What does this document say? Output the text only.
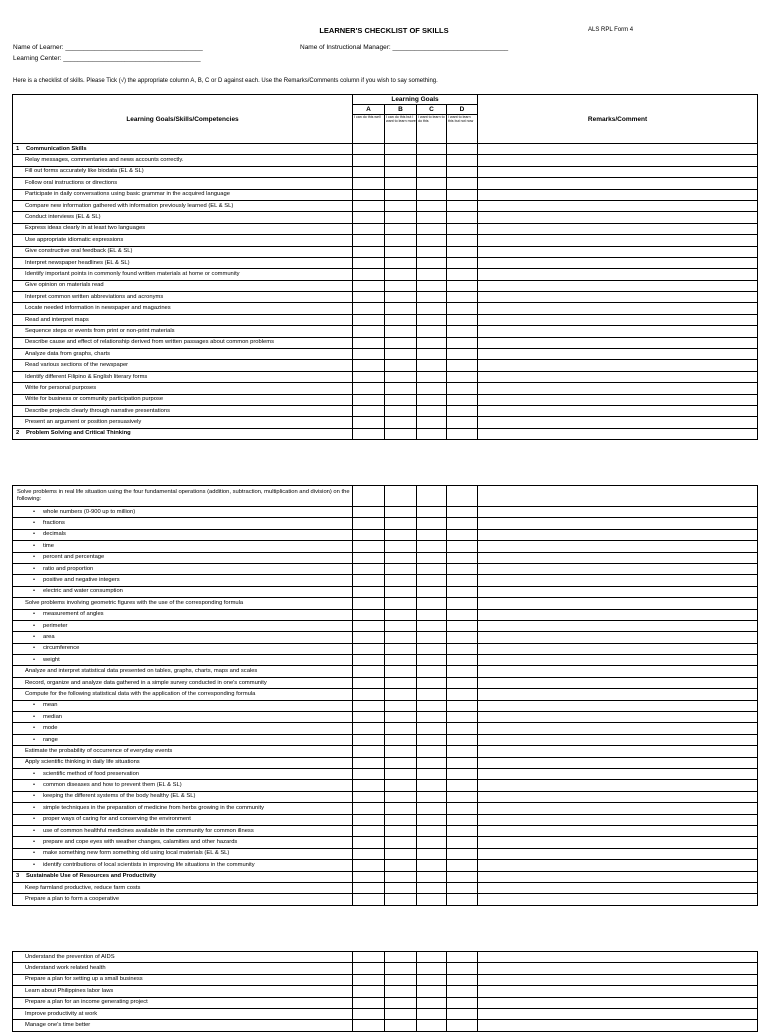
LEARNER'S CHECKLIST OF SKILLS	ALS RPL Form 4
Name of Learner: ______________________________________	Name of Instructional Manager: ________________________________
Learning Center: ______________________________________
Here is a checklist of skills. Please Tick (√) the appropriate column A, B, C or D against each. Use the Remarks/Comments column if you wish to say something.
Learning Goals/Skills/Competencies	Learning Goals				Remarks/Comment
	A	B	C	D	
	I can do this well	I can do this but I want to learn more	I want to learn to do this	I want to learn this but not now	
1 Communication Skills					
Relay messages, commentaries and news accounts correctly.					
Fill out forms accurately like biodata (EL & SL)					
Follow oral instructions or directions					
Participate in daily conversations using basic grammar in the acquired language					
Compare new information gathered with information previously learned (EL & SL)					
Conduct interviews (EL & SL)					
Express ideas clearly in at least two languages					
Use appropriate idiomatic expressions					
Give constructive oral feedback (EL & SL)					
Interpret newspaper headlines (EL & SL)					
Identify important points in commonly found written materials at home or community					
Give opinion on materials read					
Interpret common written abbreviations and acronyms					
Locate needed information in newspaper and magazines					
Read and interpret maps					
Sequence steps or events from print or non-print materials					
Describe cause and effect of relationship derived from written passages about common problems					
Analyze data from graphs, charts					
Read various sections of the newspaper					
Identify different Filipino & English literary forms					
Write for personal purposes					
Write for business or community participation purpose					
Describe projects clearly through narrative presentations					
Present an argument or position persuasively					
2 Problem Solving and Critical Thinking					
Solve problems in real life situation using the four fundamental operations (addition, subtraction, multiplication and division) on the following:					
• whole numbers (0-900 up to million)					
• fractions					
• decimals					
• time					
• percent and percentage					
• ratio and proportion					
• positive and negative integers					
• electric and water consumption					
Solve problems involving geometric figures with the use of the corresponding formula					
• measurement of angles					
• perimeter					
• area					
• circumference					
• weight					
Analyze and interpret statistical data presented on tables, graphs, charts, maps and scales					
Record, organize and analyze data gathered in a simple survey conducted in one's community					
Compute for the following statistical data with the application of the corresponding formula					
• mean					
• median					
• mode					
• range					
Estimate the probability of occurrence of everyday events					
Apply scientific thinking in daily life situations					
• scientific method of food preservation					
• common diseases and how to prevent them (EL & SL)					
• keeping the different systems of the body healthy (EL & SL)					
• simple techniques in the preparation of medicine from herbs growing in the community					
• proper ways of caring for and conserving the environment					
• use of common healthful medicines available in the community for common illness					
• prepare and cope eyes with weather changes, calamities and other hazards					
• make something new form something old using local materials (EL & SL)					
• identify contributions of local scientists in improving life situations in the community					
3 Sustainable Use of Resources and Productivity					
Keep farmland productive, reduce farm costs					
Prepare a plan to form a cooperative					
Understand the prevention of AIDS					
Understand work related health					
Prepare a plan for setting up a small business					
Learn about Philippines labor laws					
Prepare a plan for an income generating project					
Improve productivity at work					
Manage one's time better					
